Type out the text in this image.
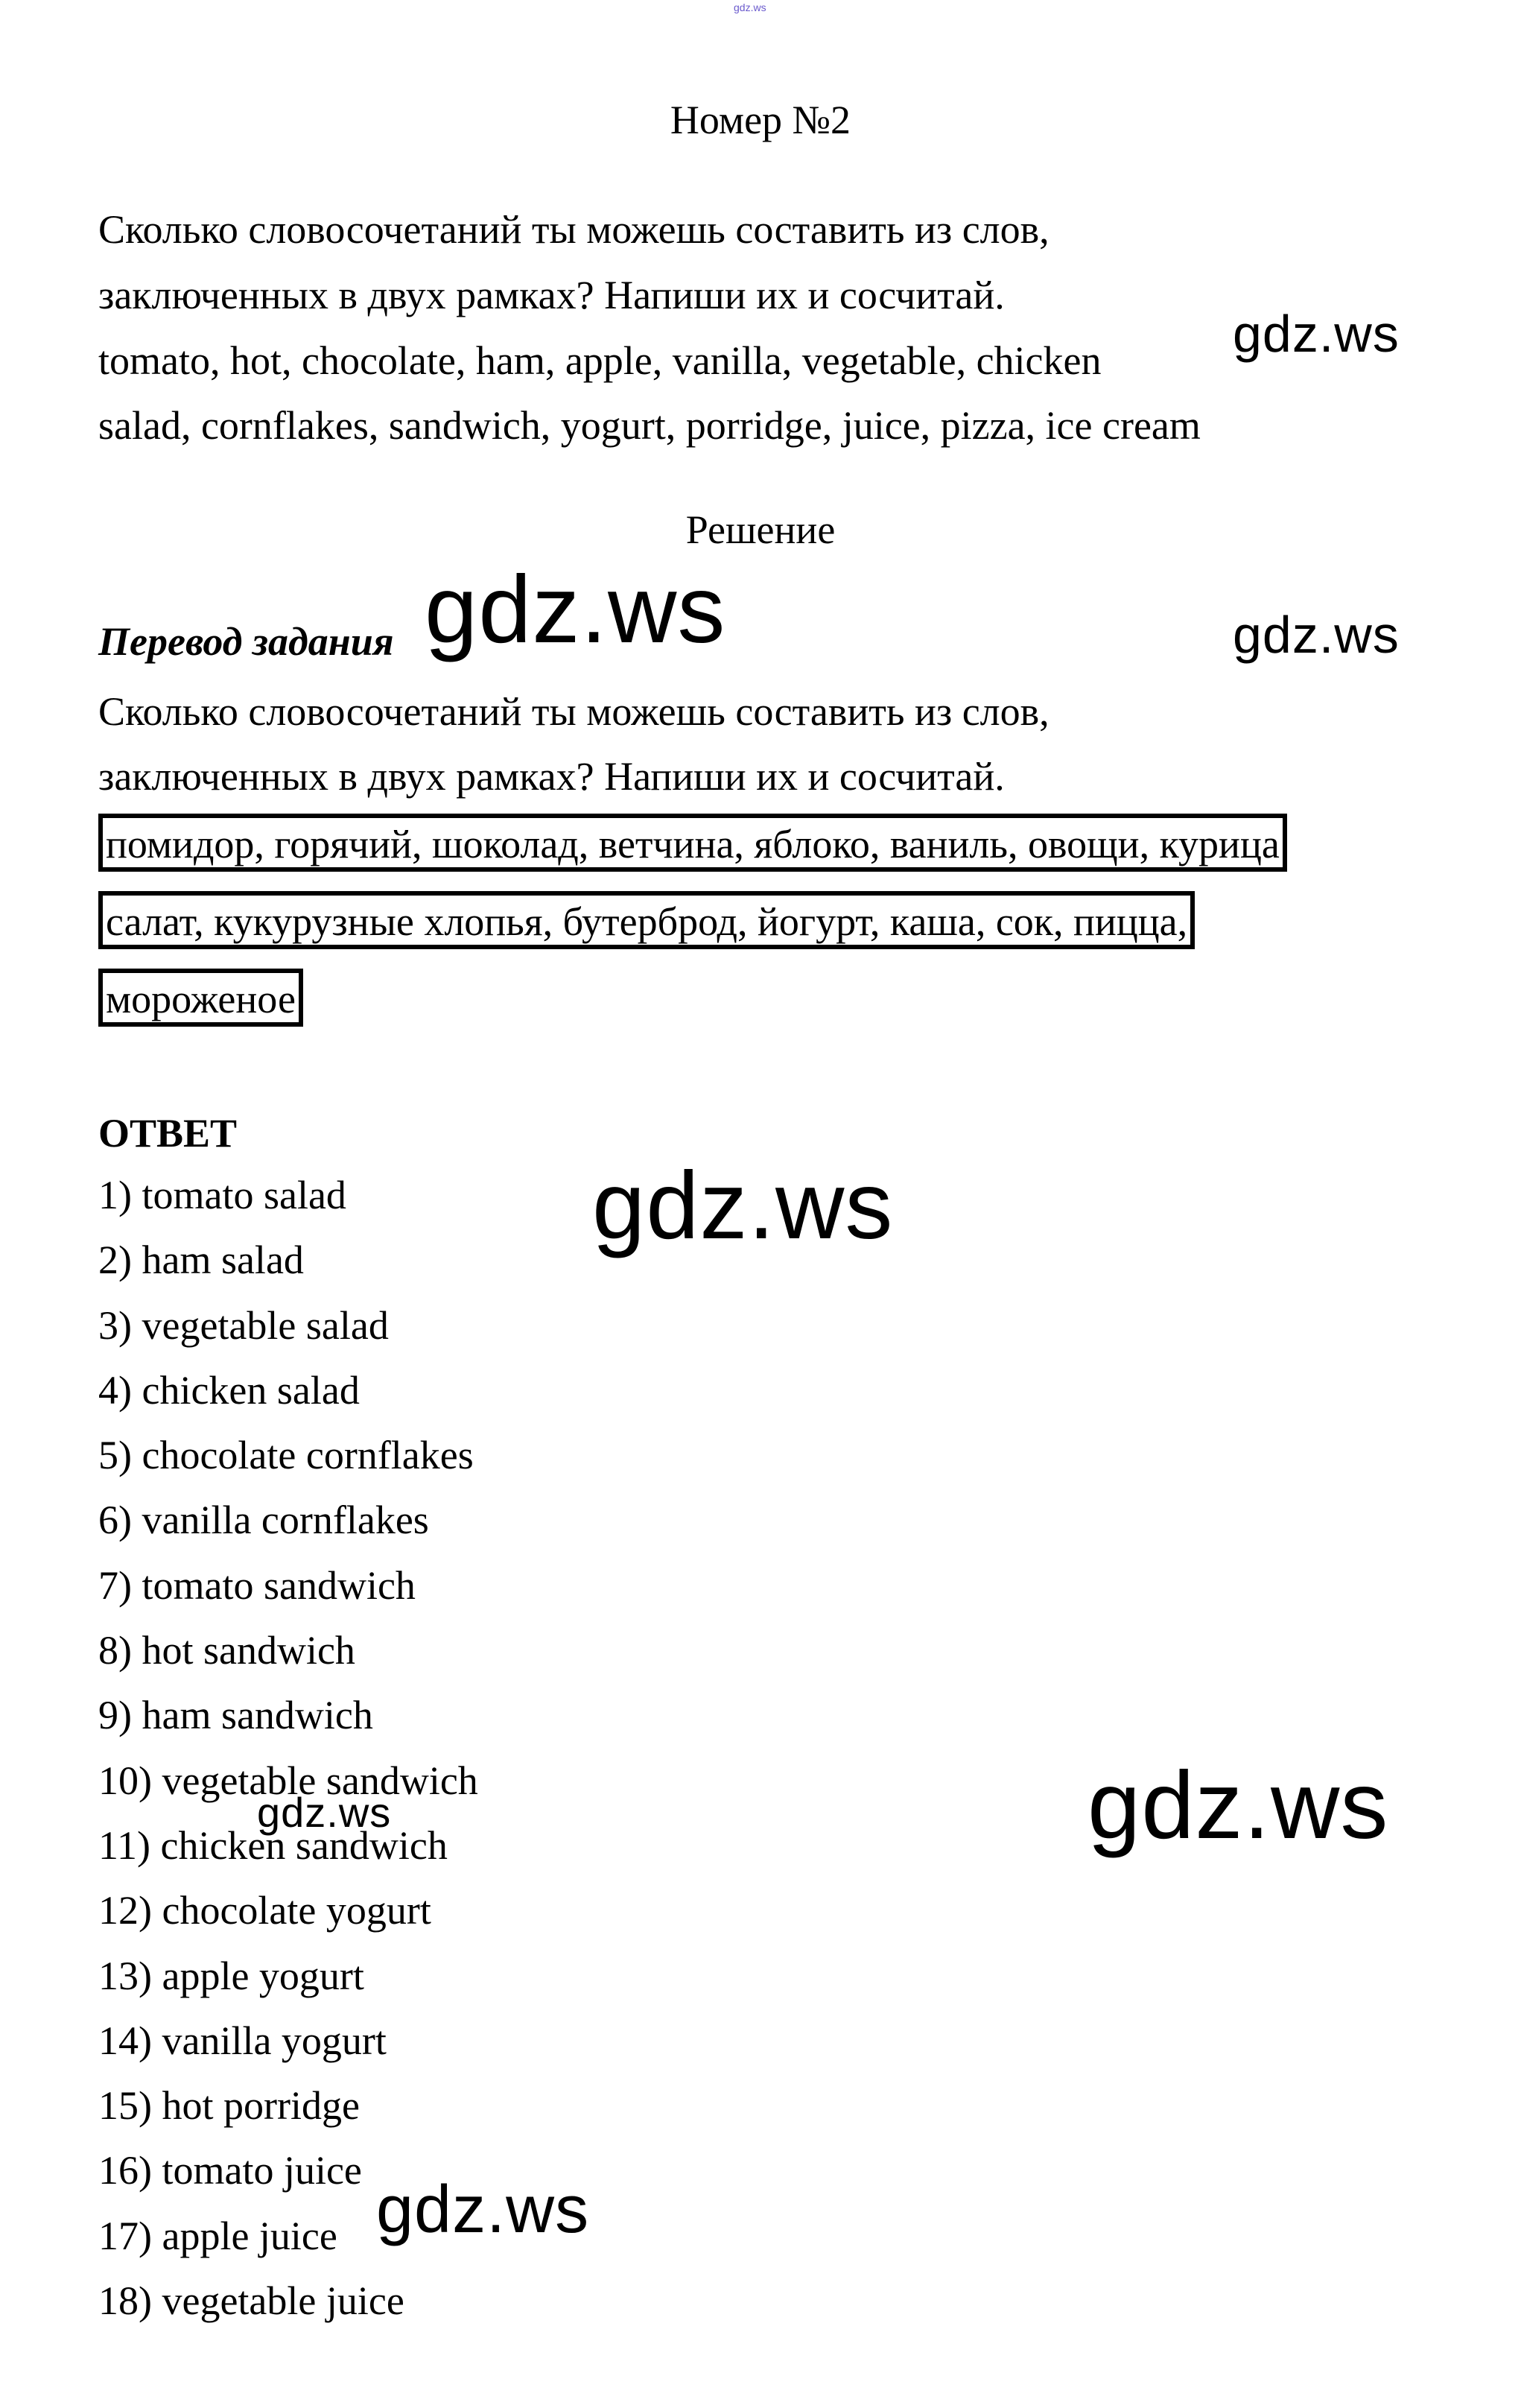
gdz.ws
Номер №2
Сколько словосочетаний ты можешь составить из слов,
заключенных в двух рамках? Напиши их и сосчитай.
tomato, hot, chocolate, ham, apple, vanilla, vegetable, chicken
salad, cornflakes, sandwich, yogurt, porridge, juice, pizza, ice cream
Решение
Перевод задания
Сколько словосочетаний ты можешь составить из слов,
заключенных в двух рамках? Напиши их и сосчитай.
помидор, горячий, шоколад, ветчина, яблоко, ваниль, овощи, курица
салат, кукурузные хлопья, бутерброд, йогурт, каша, сок, пицца,
мороженое
ОТВЕТ
1) tomato salad
2) ham salad
3) vegetable salad
4) chicken salad
5) chocolate cornflakes
6) vanilla cornflakes
7) tomato sandwich
8) hot sandwich
9) ham sandwich
10) vegetable sandwich
11) chicken sandwich
12) chocolate yogurt
13) apple yogurt
14) vanilla yogurt
15) hot porridge
16) tomato juice
17) apple juice
18) vegetable juice
gdz.ws
gdz.ws	gdz.ws
gdz.ws
gdz.ws
gdz.ws
gdz.ws
